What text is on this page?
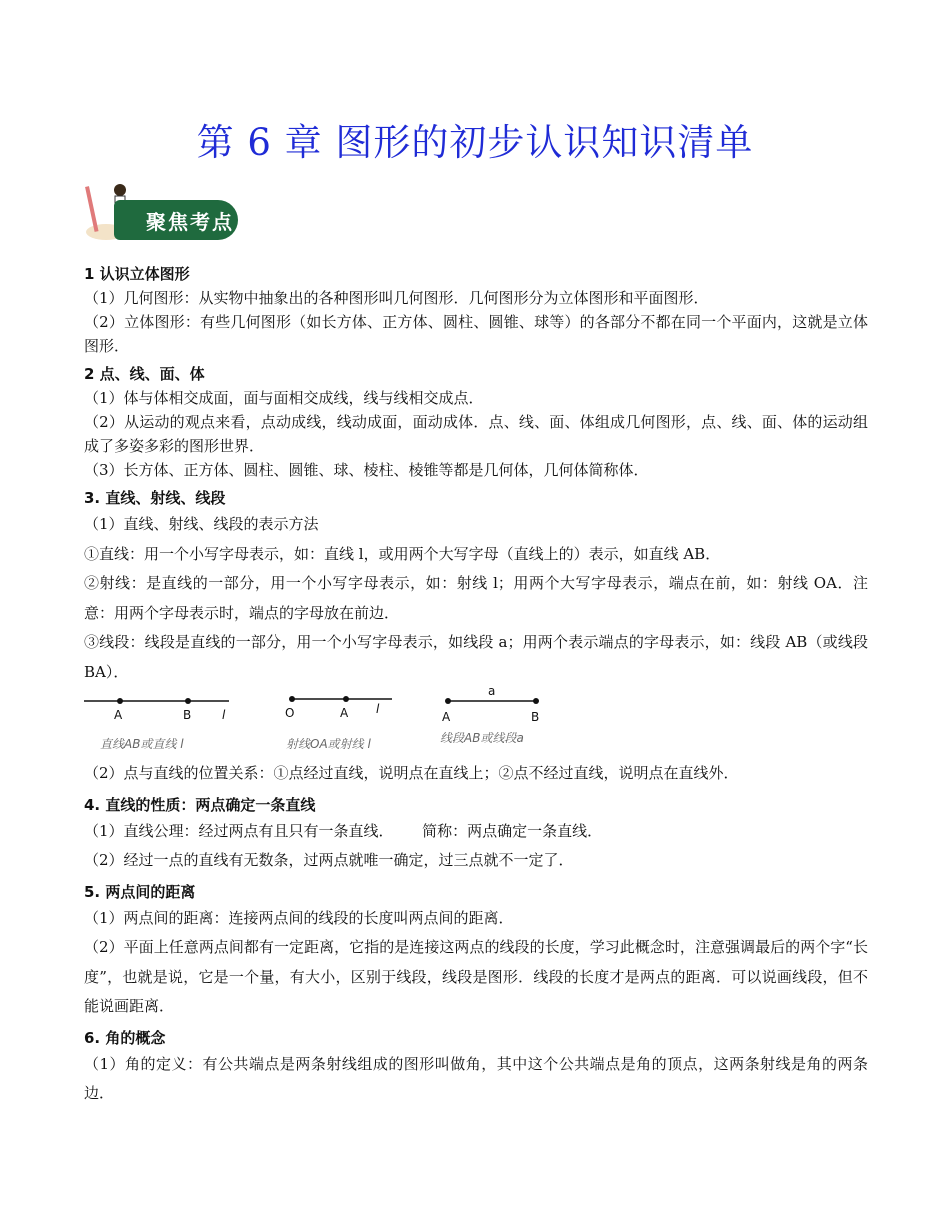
第 6 章 图形的初步认识知识清单
聚焦考点
1 认识立体图形
（1）几何图形：从实物中抽象出的各种图形叫几何图形．几何图形分为立体图形和平面图形．
（2）立体图形：有些几何图形（如长方体、正方体、圆柱、圆锥、球等）的各部分不都在同一个平面内，这就是立体图形．
2 点、线、面、体
（1）体与体相交成面，面与面相交成线，线与线相交成点．
（2）从运动的观点来看，点动成线，线动成面，面动成体．点、线、面、体组成几何图形，点、线、面、体的运动组成了多姿多彩的图形世界．
（3）长方体、正方体、圆柱、圆锥、球、棱柱、棱锥等都是几何体，几何体简称体．
3. 直线、射线、线段
（1）直线、射线、线段的表示方法
①直线：用一个小写字母表示，如：直线 l，或用两个大写字母（直线上的）表示，如直线 AB．
②射线：是直线的一部分，用一个小写字母表示，如：射线 l；用两个大写字母表示，端点在前，如：射线 OA．注意：用两个字母表示时，端点的字母放在前边．
③线段：线段是直线的一部分，用一个小写字母表示，如线段 a；用两个表示端点的字母表示，如：线段 AB（或线段 BA）．
A	B	l
直线AB或直线 l
O	A l
射线OA或射线 l
a
A	B
线段AB或线段a
（2）点与直线的位置关系：①点经过直线，说明点在直线上；②点不经过直线，说明点在直线外．
4. 直线的性质：两点确定一条直线
（1）直线公理：经过两点有且只有一条直线．      简称：两点确定一条直线．
（2）经过一点的直线有无数条，过两点就唯一确定，过三点就不一定了．
5. 两点间的距离
（1）两点间的距离：连接两点间的线段的长度叫两点间的距离．
（2）平面上任意两点间都有一定距离，它指的是连接这两点的线段的长度，学习此概念时，注意强调最后的两个字“长度”，也就是说，它是一个量，有大小，区别于线段，线段是图形．线段的长度才是两点的距离．可以说画线段，但不能说画距离．
6. 角的概念
（1）角的定义：有公共端点是两条射线组成的图形叫做角，其中这个公共端点是角的顶点，这两条射线是角的两条边．
